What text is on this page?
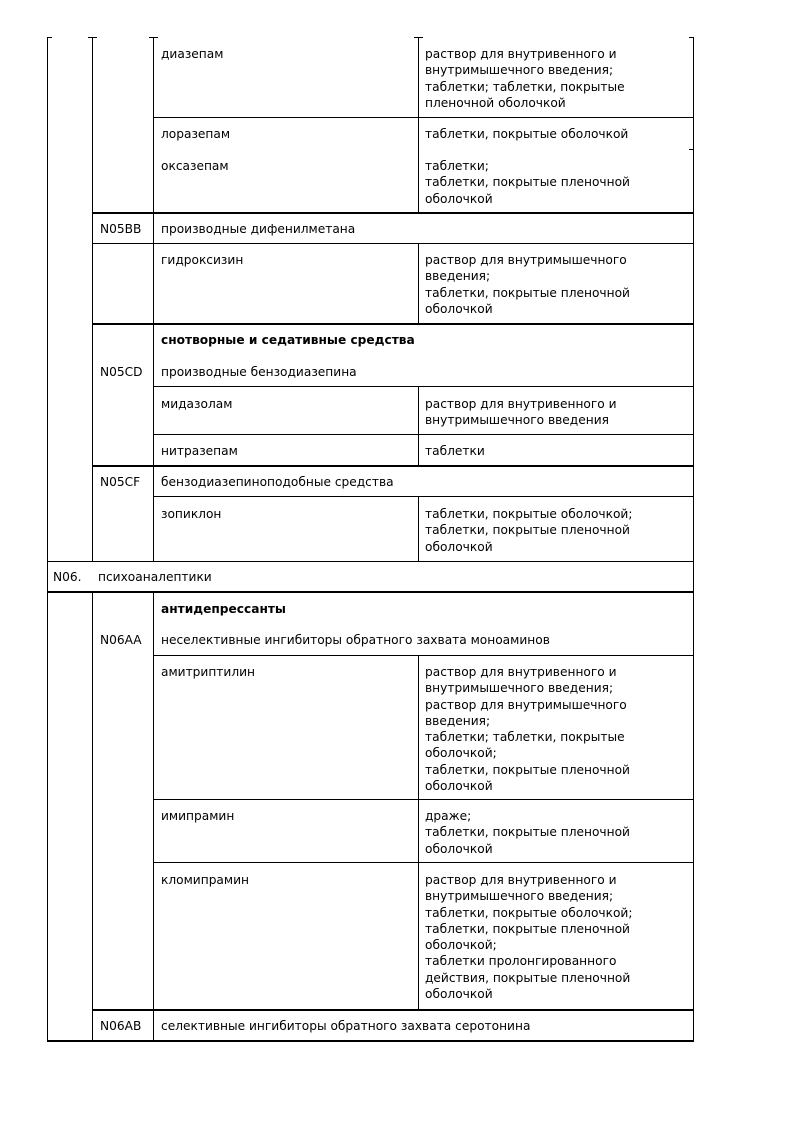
диазепам	раствор для внутривенного и
внутримышечного введения;
таблетки; таблетки, покрытые
пленочной оболочкой
лоразепам	таблетки, покрытые оболочкой
оксазепам	таблетки;
таблетки, покрытые пленочной
оболочкой
N05BB производные дифенилметана
гидроксизин	раствор для внутримышечного
введения;
таблетки, покрытые пленочной
оболочкой
снотворные и седативные средства
N05CD производные бензодиазепина
мидазолам	раствор для внутривенного и
внутримышечного введения
нитразепам	таблетки
N05CF бензодиазепиноподобные средства
зопиклон	таблетки, покрытые оболочкой;
таблетки, покрытые пленочной
оболочкой
N06. психоаналептики
антидепрессанты
N06AA неселективные ингибиторы обратного захвата моноаминов
амитриптилин	раствор для внутривенного и
внутримышечного введения;
раствор для внутримышечного
введения;
таблетки; таблетки, покрытые
оболочкой;
таблетки, покрытые пленочной
оболочкой
имипрамин	драже;
таблетки, покрытые пленочной
оболочкой
кломипрамин	раствор для внутривенного и
внутримышечного введения;
таблетки, покрытые оболочкой;
таблетки, покрытые пленочной
оболочкой;
таблетки пролонгированного
действия, покрытые пленочной
оболочкой
N06AB селективные ингибиторы обратного захвата серотонина
